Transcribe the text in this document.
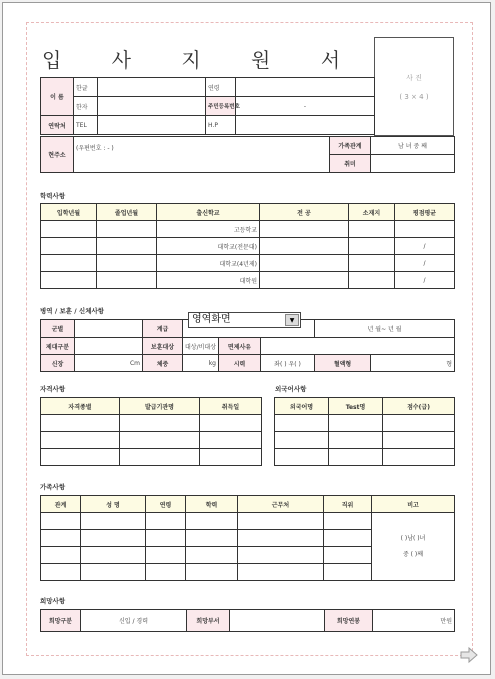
입 사 지 원 서
사 진
( 3 × 4 )
이 름	한글		연령	
	한자		주민등록번호	-
연락처	TEL		H.P	
현주소	(우편번호 : - )	가족관계	남 녀 중 째
		취미	
학력사항
입학년월	졸업년월	출신학교	전 공	소재지	평점평균
		고등학교			
		대학교(전문대)			/
		대학교(4년제)			/
		대학원			/
병역 / 보훈 / 신체사항
군별		계급				년 월~ 년 월	
제대구분		보훈대상	대상/비대상	면제사유			
신장	Cm	체중	kg	시력	좌( ) 우( )	혈액형	형
영역화면	▼
자격사항
자격종별	발급기관명	취득일

외국어사항
외국어명	Test명	점수(급)

가족사항
관계	성 명	연령	학력	근무처	직위	비고

						( )남( )녀
중 ( )째

희망사항
희망구분	신입 / 경력	희망부서		희망연봉	만원
